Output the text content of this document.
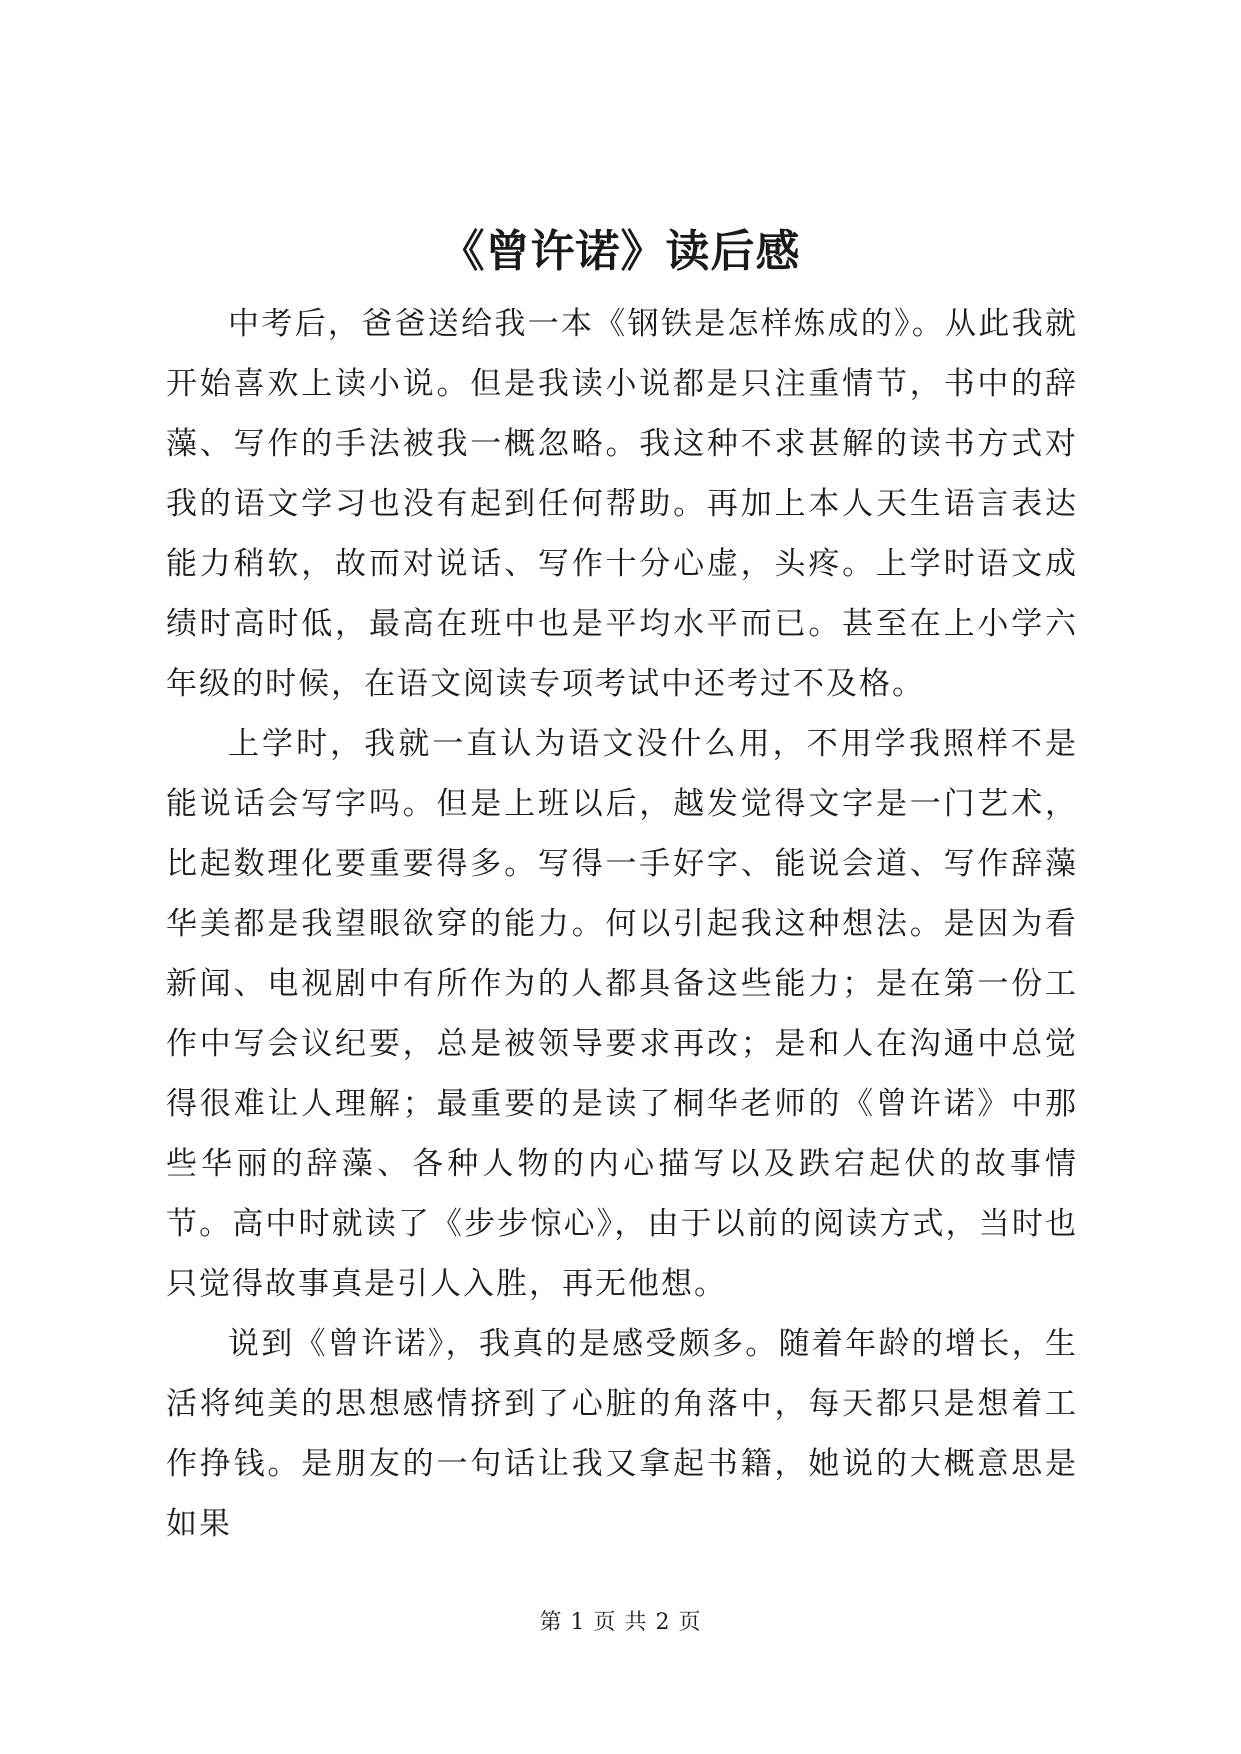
《曾许诺》读后感

中考后，爸爸送给我一本《钢铁是怎样炼成的》。从此我就开始喜欢上读小说。但是我读小说都是只注重情节，书中的辞藻、写作的手法被我一概忽略。我这种不求甚解的读书方式对我的语文学习也没有起到任何帮助。再加上本人天生语言表达能力稍软，故而对说话、写作十分心虚，头疼。上学时语文成绩时高时低，最高在班中也是平均水平而已。甚至在上小学六年级的时候，在语文阅读专项考试中还考过不及格。

上学时，我就一直认为语文没什么用，不用学我照样不是能说话会写字吗。但是上班以后，越发觉得文字是一门艺术，比起数理化要重要得多。写得一手好字、能说会道、写作辞藻华美都是我望眼欲穿的能力。何以引起我这种想法。是因为看新闻、电视剧中有所作为的人都具备这些能力；是在第一份工作中写会议纪要，总是被领导要求再改；是和人在沟通中总觉得很难让人理解；最重要的是读了桐华老师的《曾许诺》中那些华丽的辞藻、各种人物的内心描写以及跌宕起伏的故事情节。高中时就读了《步步惊心》，由于以前的阅读方式，当时也只觉得故事真是引人入胜，再无他想。

说到《曾许诺》，我真的是感受颇多。随着年龄的增长，生活将纯美的思想感情挤到了心脏的角落中，每天都只是想着工作挣钱。是朋友的一句话让我又拿起书籍，她说的大概意思是如果

第 1 页 共 2 页
